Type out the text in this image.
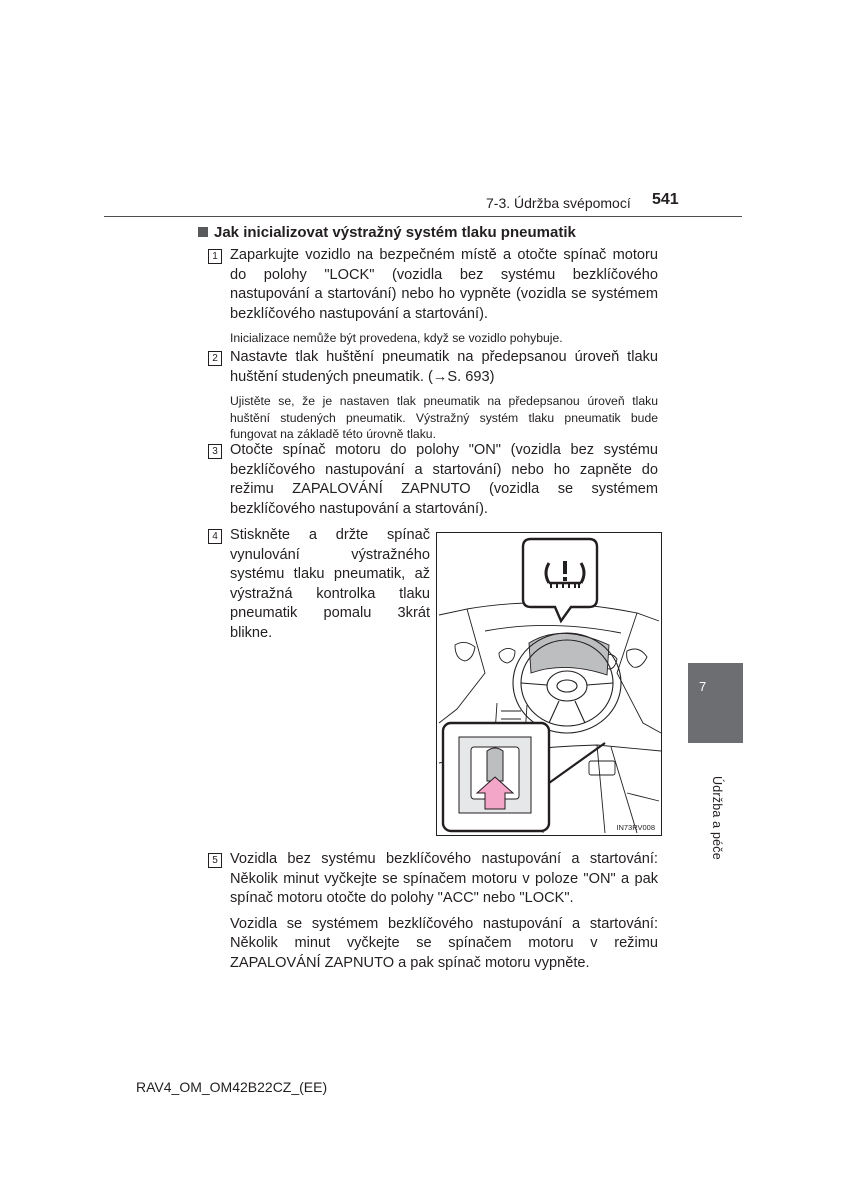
7-3. Údržba svépomocí 541
7
Údržba a péče
Jak inicializovat výstražný systém tlaku pneumatik
1 Zaparkujte vozidlo na bezpečném místě a otočte spínač motoru do polohy "LOCK" (vozidla bez systému bezklíčového nastupování a startování) nebo ho vypněte (vozidla se systémem bezklíčového nastupování a startování).
Inicializace nemůže být provedena, když se vozidlo pohybuje.
2 Nastavte tlak huštění pneumatik na předepsanou úroveň tlaku huštění studených pneumatik. (→S. 693)
Ujistěte se, že je nastaven tlak pneumatik na předepsanou úroveň tlaku huštění studených pneumatik. Výstražný systém tlaku pneumatik bude fungovat na základě této úrovně tlaku.
3 Otočte spínač motoru do polohy "ON" (vozidla bez systému bezklíčového nastupování a startování) nebo ho zapněte do režimu ZAPALOVÁNÍ ZAPNUTO (vozidla se systémem bezklíčového nastupování a startování).
4 Stiskněte a držte spínač vynulování výstražného systému tlaku pneumatik, až výstražná kontrolka tlaku pneumatik pomalu 3krát blikne.
IN73RV008
5 Vozidla bez systému bezklíčového nastupování a startování: Několik minut vyčkejte se spínačem motoru v poloze "ON" a pak spínač motoru otočte do polohy "ACC" nebo "LOCK".
Vozidla se systémem bezklíčového nastupování a startování: Několik minut vyčkejte se spínačem motoru v režimu ZAPALOVÁNÍ ZAPNUTO a pak spínač motoru vypněte.
RAV4_OM_OM42B22CZ_(EE)
